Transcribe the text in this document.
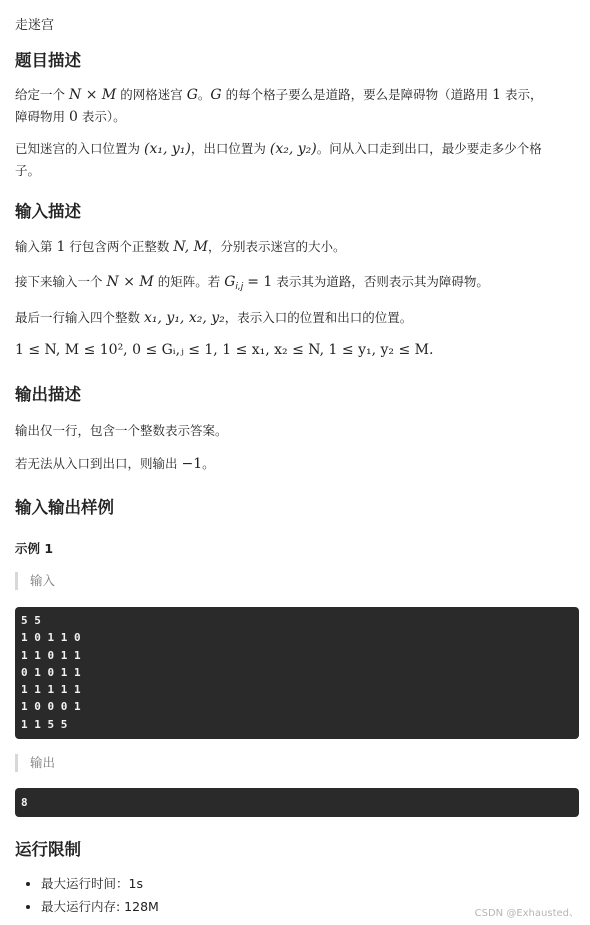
走迷宫
题目描述

给定一个 N × M 的网格迷宫 G。G 的每个格子要么是道路，要么是障碍物（道路用 1 表示，
障碍物用 0 表示）。

已知迷宫的入口位置为 (x₁, y₁)，出口位置为 (x₂, y₂)。问从入口走到出口，最少要走多少个格
子。

输入描述

输入第 1 行包含两个正整数 N, M，分别表示迷宫的大小。

接下来输入一个 N × M 的矩阵。若 $G_{i,j} = 1$ 表示其为道路，否则表示其为障碍物。

最后一行输入四个整数 x₁, y₁, x₂, y₂，表示入口的位置和出口的位置。

1 ≤ N, M ≤ 10², 0 ≤ Gᵢ,ⱼ ≤ 1, 1 ≤ x₁, x₂ ≤ N, 1 ≤ y₁, y₂ ≤ M.

输出描述

输出仅一行，包含一个整数表示答案。

若无法从入口到出口，则输出 −1。

输入输出样例
示例 1
输入
5 5
1 0 1 1 0
1 1 0 1 1
0 1 0 1 1
1 1 1 1 1
1 0 0 0 1
1 1 5 5
输出
8
运行限制
• 最大运行时间：1s
• 最大运行内存: 128M	CSDN @Exhausted、
